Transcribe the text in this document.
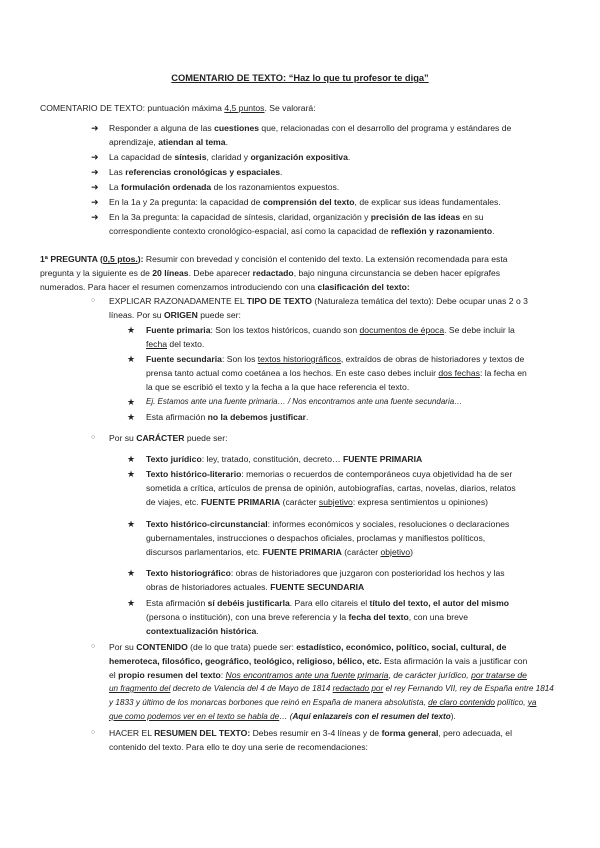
COMENTARIO DE TEXTO: “Haz lo que tu profesor te diga”
COMENTARIO DE TEXTO: puntuación máxima 4,5 puntos. Se valorará:
➜ Responder a alguna de las cuestiones que, relacionadas con el desarrollo del programa y estándares de
aprendizaje, atiendan al tema.
➜ La capacidad de síntesis, claridad y organización expositiva.
➜ Las referencias cronológicas y espaciales.
➜ La formulación ordenada de los razonamientos expuestos.
➜ En la 1a y 2a pregunta: la capacidad de comprensión del texto, de explicar sus ideas fundamentales.
➜ En la 3a pregunta: la capacidad de síntesis, claridad, organización y precisión de las ideas en su
correspondiente contexto cronológico-espacial, así como la capacidad de reflexión y razonamiento.
1ª PREGUNTA (0,5 ptos.): Resumir con brevedad y concisión el contenido del texto. La extensión recomendada para esta
pregunta y la siguiente es de 20 líneas. Debe aparecer redactado, bajo ninguna circunstancia se deben hacer epígrafes
numerados. Para hacer el resumen comenzamos introduciendo con una clasificación del texto:
○ EXPLICAR RAZONADAMENTE EL TIPO DE TEXTO (Naturaleza temática del texto): Debe ocupar unas 2 o 3
líneas. Por su ORIGEN puede ser:
★ Fuente primaria: Son los textos históricos, cuando son documentos de época. Se debe incluir la
fecha del texto.
★ Fuente secundaria: Son los textos historiográficos, extraídos de obras de historiadores y textos de
prensa tanto actual como coetánea a los hechos. En este caso debes incluir dos fechas: la fecha en
la que se escribió el texto y la fecha a la que hace referencia el texto.
★ Ej. Estamos ante una fuente primaria… / Nos encontramos ante una fuente secundaria…
★ Esta afirmación no la debemos justificar.
○ Por su CARÁCTER puede ser:
★ Texto jurídico: ley, tratado, constitución, decreto… FUENTE PRIMARIA
★ Texto histórico-literario: memorias o recuerdos de contemporáneos cuya objetividad ha de ser
sometida a crítica, artículos de prensa de opinión, autobiografías, cartas, novelas, diarios, relatos
de viajes, etc. FUENTE PRIMARIA (carácter subjetivo: expresa sentimientos u opiniones)
★ Texto histórico-circunstancial: informes económicos y sociales, resoluciones o declaraciones
gubernamentales, instrucciones o despachos oficiales, proclamas y manifiestos políticos,
discursos parlamentarios, etc. FUENTE PRIMARIA (carácter objetivo)
★ Texto historiográfico: obras de historiadores que juzgaron con posterioridad los hechos y las
obras de historiadores actuales. FUENTE SECUNDARIA
★ Esta afirmación sí debéis justificarla. Para ello citareis el título del texto, el autor del mismo
(persona o institución), con una breve referencia y la fecha del texto, con una breve
contextualización histórica.
○ Por su CONTENIDO (de lo que trata) puede ser: estadístico, económico, político, social, cultural, de
hemeroteca, filosófico, geográfico, teológico, religioso, bélico, etc. Esta afirmación la vais a justificar con
el propio resumen del texto: Nos encontramos ante una fuente primaria, de carácter jurídico, por tratarse de
un fragmento del decreto de Valencia del 4 de Mayo de 1814 redactado por el rey Fernando VII, rey de España entre 1814
y 1833 y último de los monarcas borbones que reinó en España de manera absolutista, de claro contenido político, ya
que como podemos ver en el texto se habla de… (Aquí enlazareis con el resumen del texto).
○ HACER EL RESUMEN DEL TEXTO: Debes resumir en 3-4 líneas y de forma general, pero adecuada, el
contenido del texto. Para ello te doy una serie de recomendaciones:
